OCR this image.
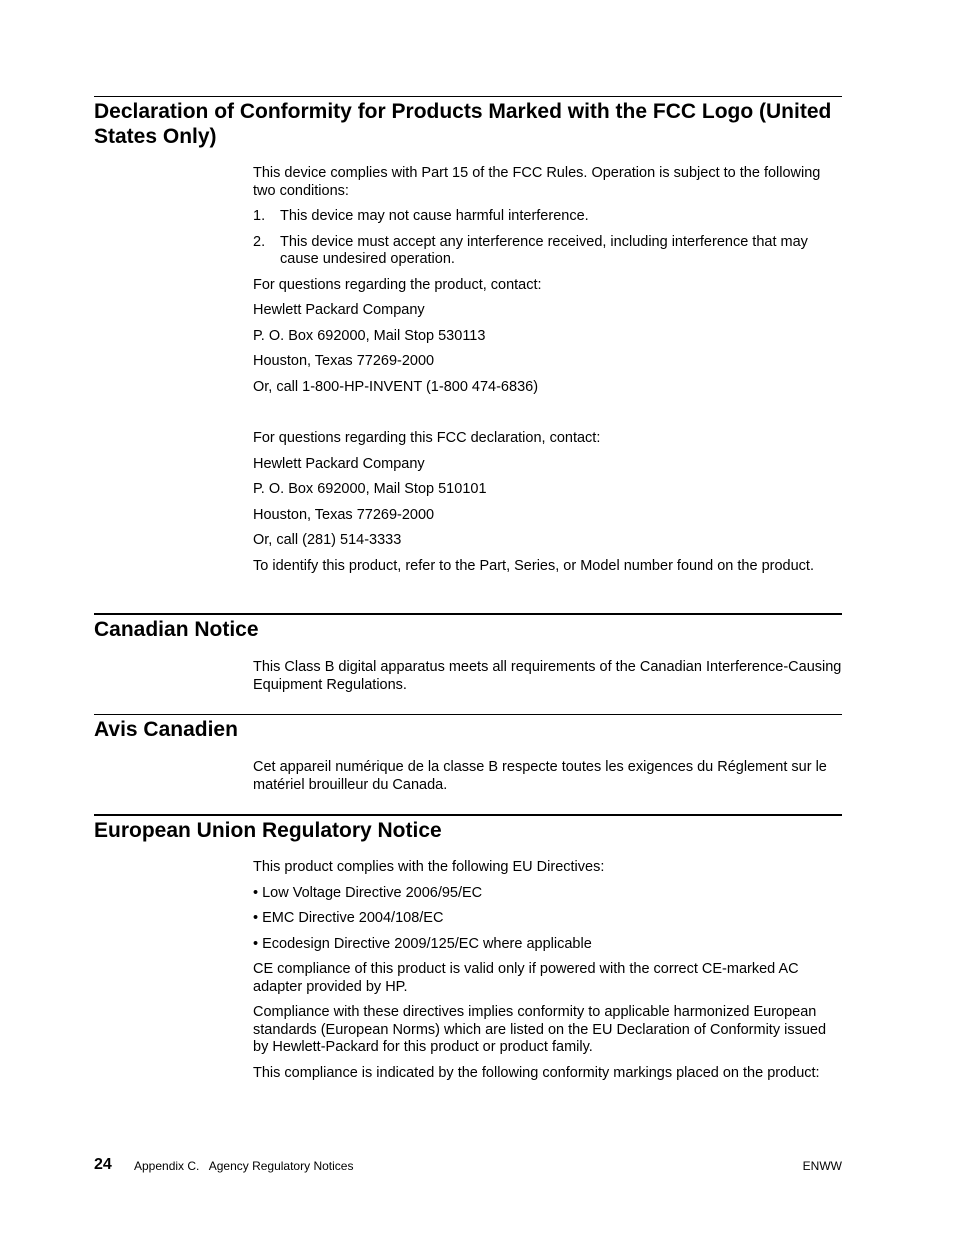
Declaration of Conformity for Products Marked with the FCC Logo (United States Only)

This device complies with Part 15 of the FCC Rules. Operation is subject to the following two conditions:

1.	This device may not cause harmful interference.
2.	This device must accept any interference received, including interference that may cause undesired operation.

For questions regarding the product, contact:

Hewlett Packard Company

P. O. Box 692000, Mail Stop 530113

Houston, Texas 77269-2000

Or, call 1-800-HP-INVENT (1-800 474-6836)

For questions regarding this FCC declaration, contact:

Hewlett Packard Company

P. O. Box 692000, Mail Stop 510101

Houston, Texas 77269-2000

Or, call (281) 514-3333

To identify this product, refer to the Part, Series, or Model number found on the product.

Canadian Notice

This Class B digital apparatus meets all requirements of the Canadian Interference-Causing Equipment Regulations.

Avis Canadien

Cet appareil numérique de la classe B respecte toutes les exigences du Réglement sur le matériel brouilleur du Canada.

European Union Regulatory Notice

This product complies with the following EU Directives:

• Low Voltage Directive 2006/95/EC

• EMC Directive 2004/108/EC

• Ecodesign Directive 2009/125/EC where applicable

CE compliance of this product is valid only if powered with the correct CE-marked AC adapter provided by HP.

Compliance with these directives implies conformity to applicable harmonized European standards (European Norms) which are listed on the EU Declaration of Conformity issued by Hewlett-Packard for this product or product family.

This compliance is indicated by the following conformity markings placed on the product:

24 Appendix C.   Agency Regulatory Notices	ENWW
